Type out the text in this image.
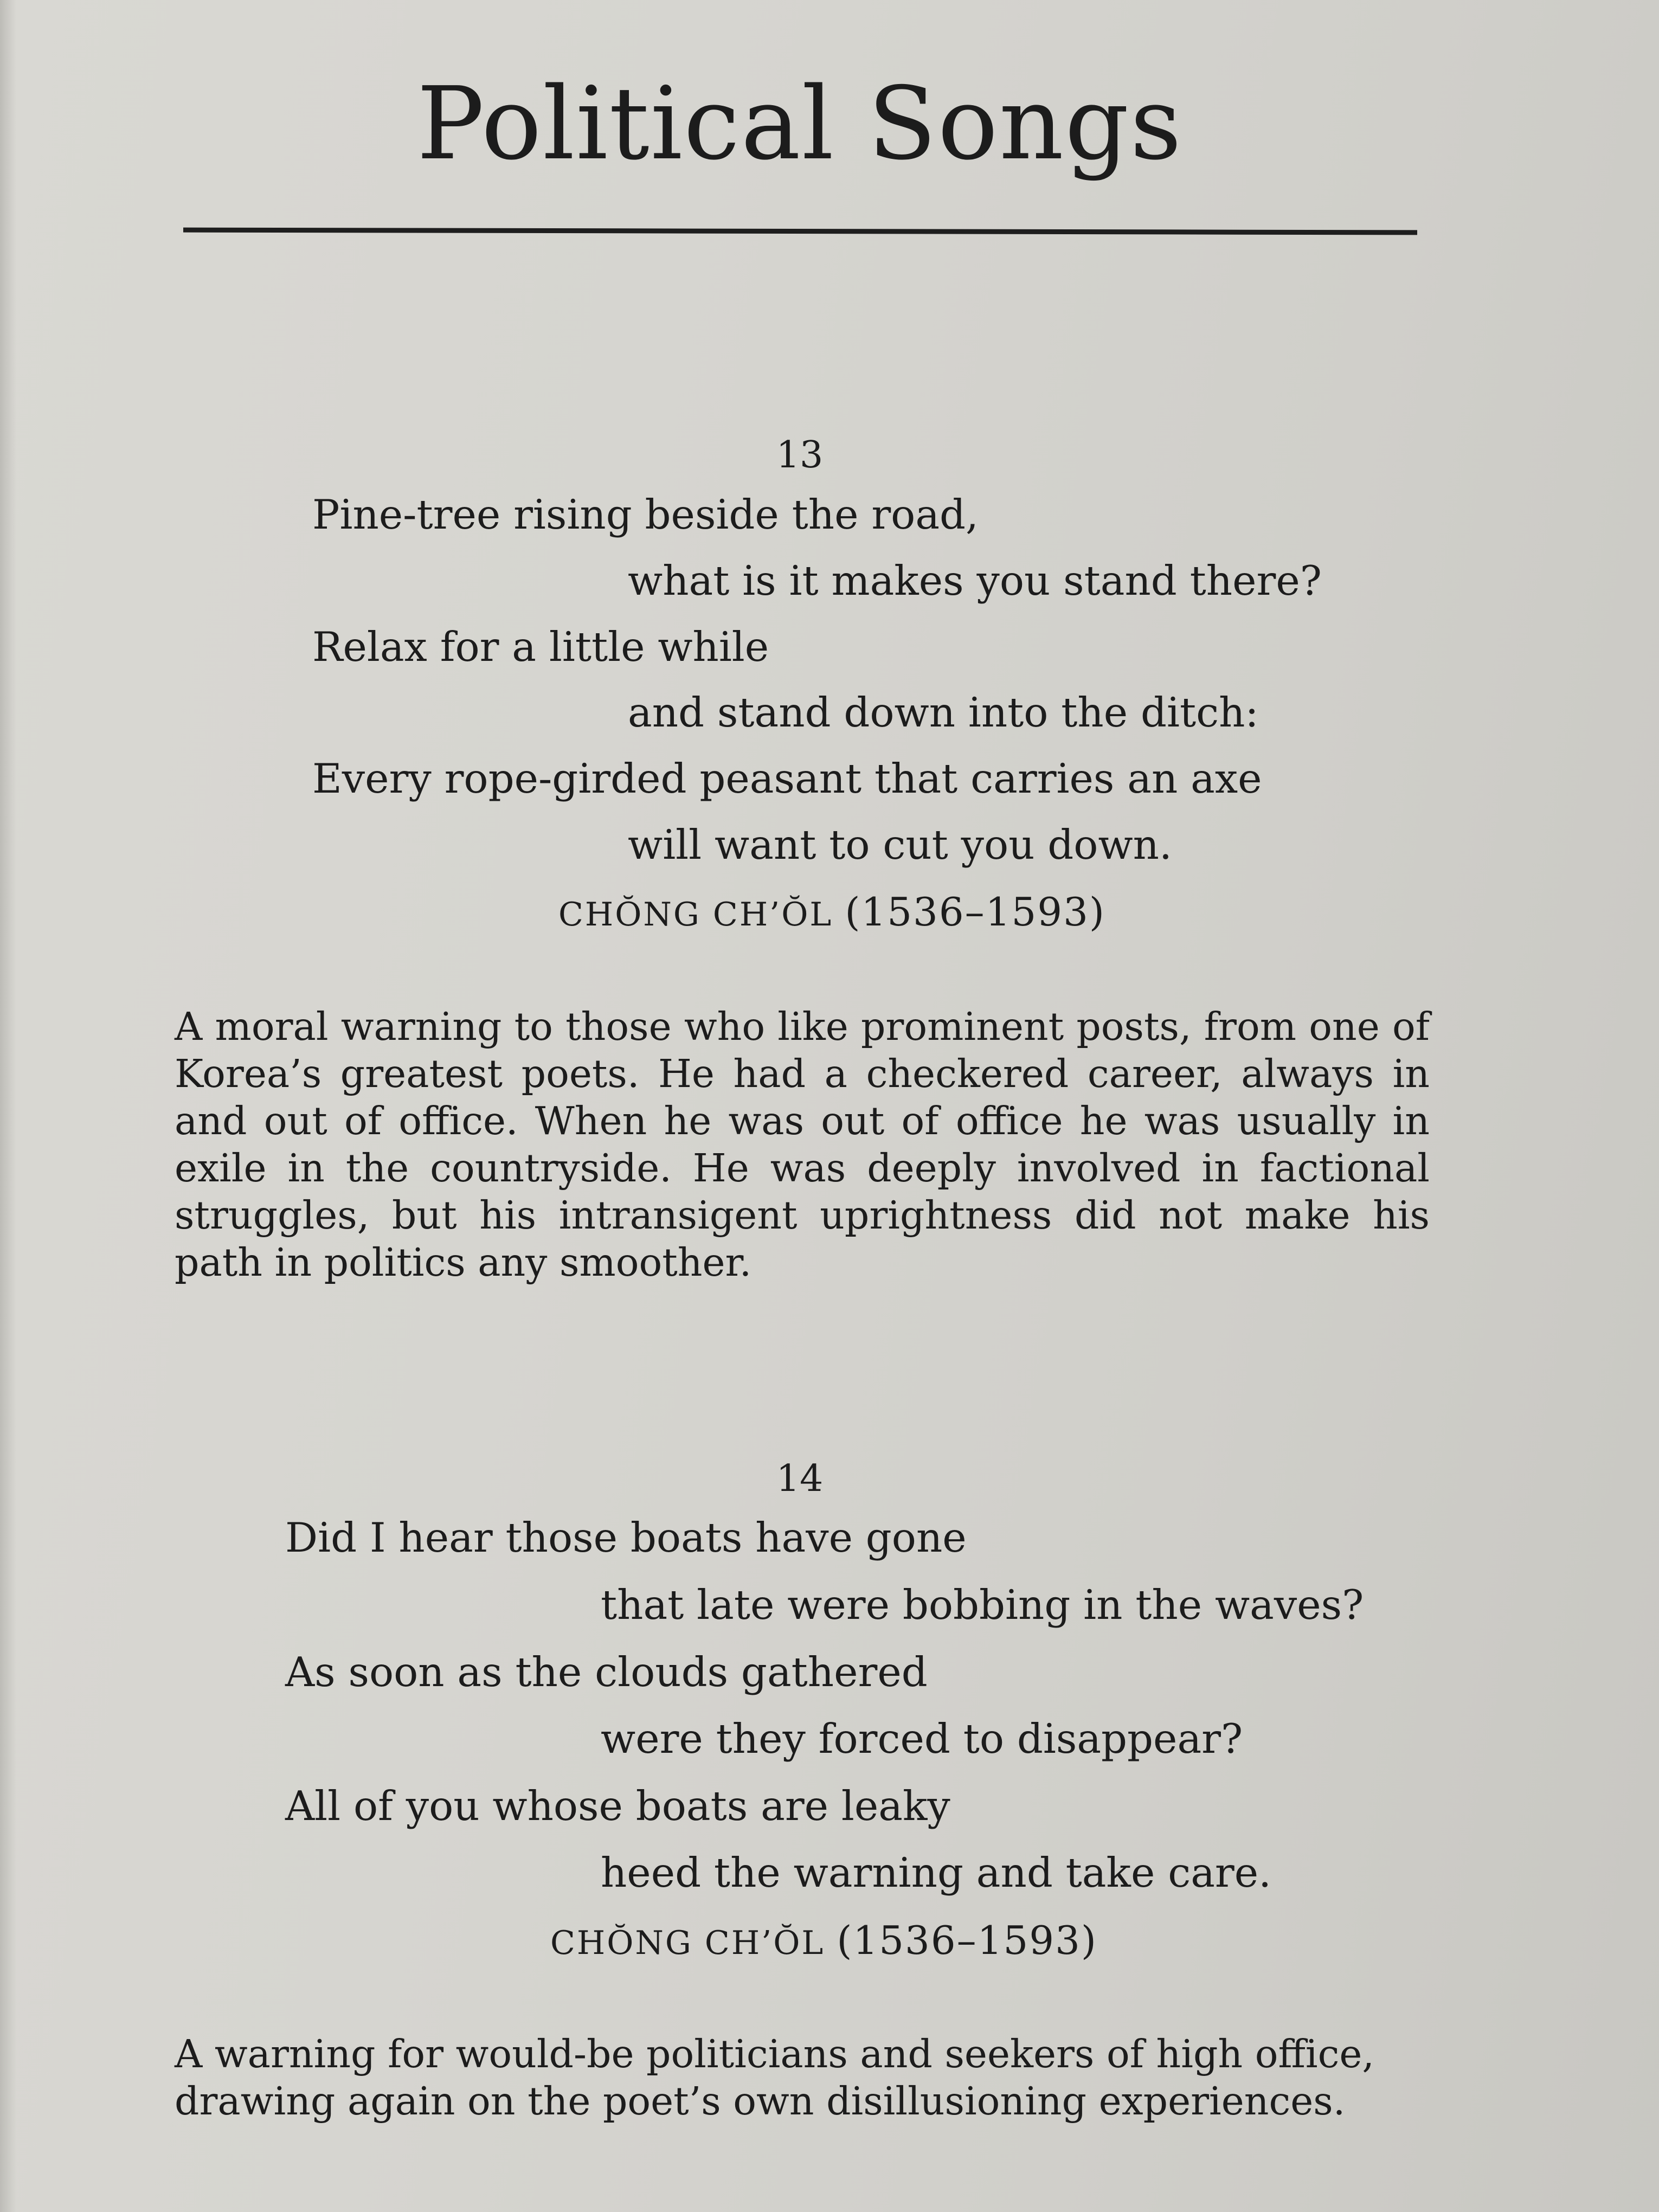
Political Songs
13
Pine-tree rising beside the road,
what is it makes you stand there?
Relax for a little while
and stand down into the ditch:
Every rope-girded peasant that carries an axe
will want to cut you down.
CHŎNG CH’ŎL (1536–1593)

A moral warning to those who like prominent posts, from one of Korea’s greatest poets. He had a checkered career, always in and out of office. When he was out of office he was usually in exile in the countryside. He was deeply involved in factional struggles, but his intransigent uprightness did not make his path in politics any smoother.

14
Did I hear those boats have gone
that late were bobbing in the waves?
As soon as the clouds gathered
were they forced to disappear?
All of you whose boats are leaky
heed the warning and take care.
CHŎNG CH’ŎL (1536–1593)

A warning for would-be politicians and seekers of high office, drawing again on the poet’s own disillusioning experiences.
